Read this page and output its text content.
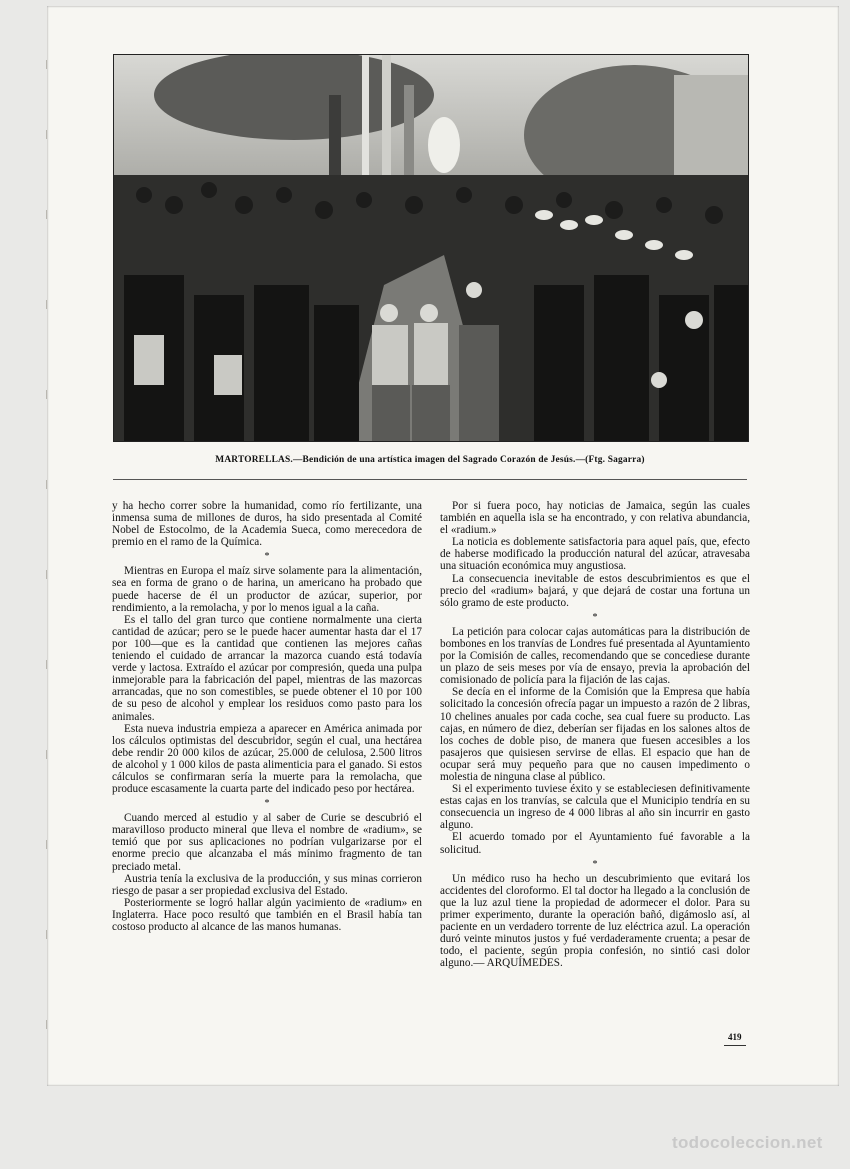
MARTORELLAS.—Bendición de una artística imagen del Sagrado Corazón de Jesús.—(Ftg. Sagarra)

y ha hecho correr sobre la humanidad, como río fertilizante, una inmensa suma de millones de duros, ha sido presentada al Comité Nobel de Estocolmo, de la Academia Sueca, como merecedora de premio en el ramo de la Química.

*

Mientras en Europa el maíz sirve solamente para la alimentación, sea en forma de grano o de harina, un americano ha probado que puede hacerse de él un productor de azúcar, superior, por rendimiento, a la remolacha, y por lo menos igual a la caña.

Es el tallo del gran turco que contiene normalmente una cierta cantidad de azúcar; pero se le puede hacer aumentar hasta dar el 17 por 100—que es la cantidad que contienen las mejores cañas teniendo el cuidado de arrancar la mazorca cuando está todavía verde y lactosa. Extraído el azúcar por compresión, queda una pulpa inmejorable para la fabricación del papel, mientras de las mazorcas arrancadas, que no son comestibles, se puede obtener el 10 por 100 de su peso de alcohol y emplear los residuos como pasto para los animales.

Esta nueva industria empieza a aparecer en América animada por los cálculos optimistas del descubridor, según el cual, una hectárea debe rendir 20 000 kilos de azúcar, 25.000 de celulosa, 2.500 litros de alcohol y 1 000 kilos de pasta alimenticia para el ganado. Si estos cálculos se confirmaran sería la muerte para la remolacha, que produce escasamente la cuarta parte del indicado peso por hectárea.

*

Cuando merced al estudio y al saber de Curie se descubrió el maravilloso producto mineral que lleva el nombre de «radium», se temió que por sus aplicaciones no podrían vulgarizarse por el enorme precio que alcanzaba el más mínimo fragmento de tan preciado metal.

Austria tenía la exclusiva de la producción, y sus minas corrieron riesgo de pasar a ser propiedad exclusiva del Estado.

Posteriormente se logró hallar algún yacimiento de «radium» en Inglaterra. Hace poco resultó que también en el Brasil había tan costoso producto al alcance de las manos humanas.

Por si fuera poco, hay noticias de Jamaica, según las cuales también en aquella isla se ha encontrado, y con relativa abundancia, el «radium.»

La noticia es doblemente satisfactoria para aquel país, que, efecto de haberse modificado la producción natural del azúcar, atravesaba una situación económica muy angustiosa.

La consecuencia inevitable de estos descubrimientos es que el precio del «radium» bajará, y que dejará de costar una fortuna un sólo gramo de este producto.

*

La petición para colocar cajas automáticas para la distribución de bombones en los tranvías de Londres fué presentada al Ayuntamiento por la Comisión de calles, recomendando que se concediese durante un plazo de seis meses por vía de ensayo, previa la aprobación del comisionado de policía para la fijación de las cajas.

Se decía en el informe de la Comisión que la Empresa que había solicitado la concesión ofrecía pagar un impuesto a razón de 2 libras, 10 chelines anuales por cada coche, sea cual fuere su producto. Las cajas, en número de diez, deberían ser fijadas en los salones altos de los coches de doble piso, de manera que fuesen accesibles a los pasajeros que quisiesen servirse de ellas. El espacio que han de ocupar será muy pequeño para que no causen impedimento o molestia de ninguna clase al público.

Si el experimento tuviese éxito y se estableciesen definitivamente estas cajas en los tranvías, se calcula que el Municipio tendría en su consecuencia un ingreso de 4 000 libras al año sin incurrir en gasto alguno.

El acuerdo tomado por el Ayuntamiento fué favorable a la solicitud.

*

Un médico ruso ha hecho un descubrimiento que evitará los accidentes del cloroformo. El tal doctor ha llegado a la conclusión de que la luz azul tiene la propiedad de adormecer el dolor. Para su primer experimento, durante la operación bañó, digámoslo así, al paciente en un verdadero torrente de luz eléctrica azul. La operación duró veinte minutos justos y fué verdaderamente cruenta; a pesar de todo, el paciente, según propia confesión, no sintió casi dolor alguno.— ARQUÍMEDES.

419
todocoleccion.net
